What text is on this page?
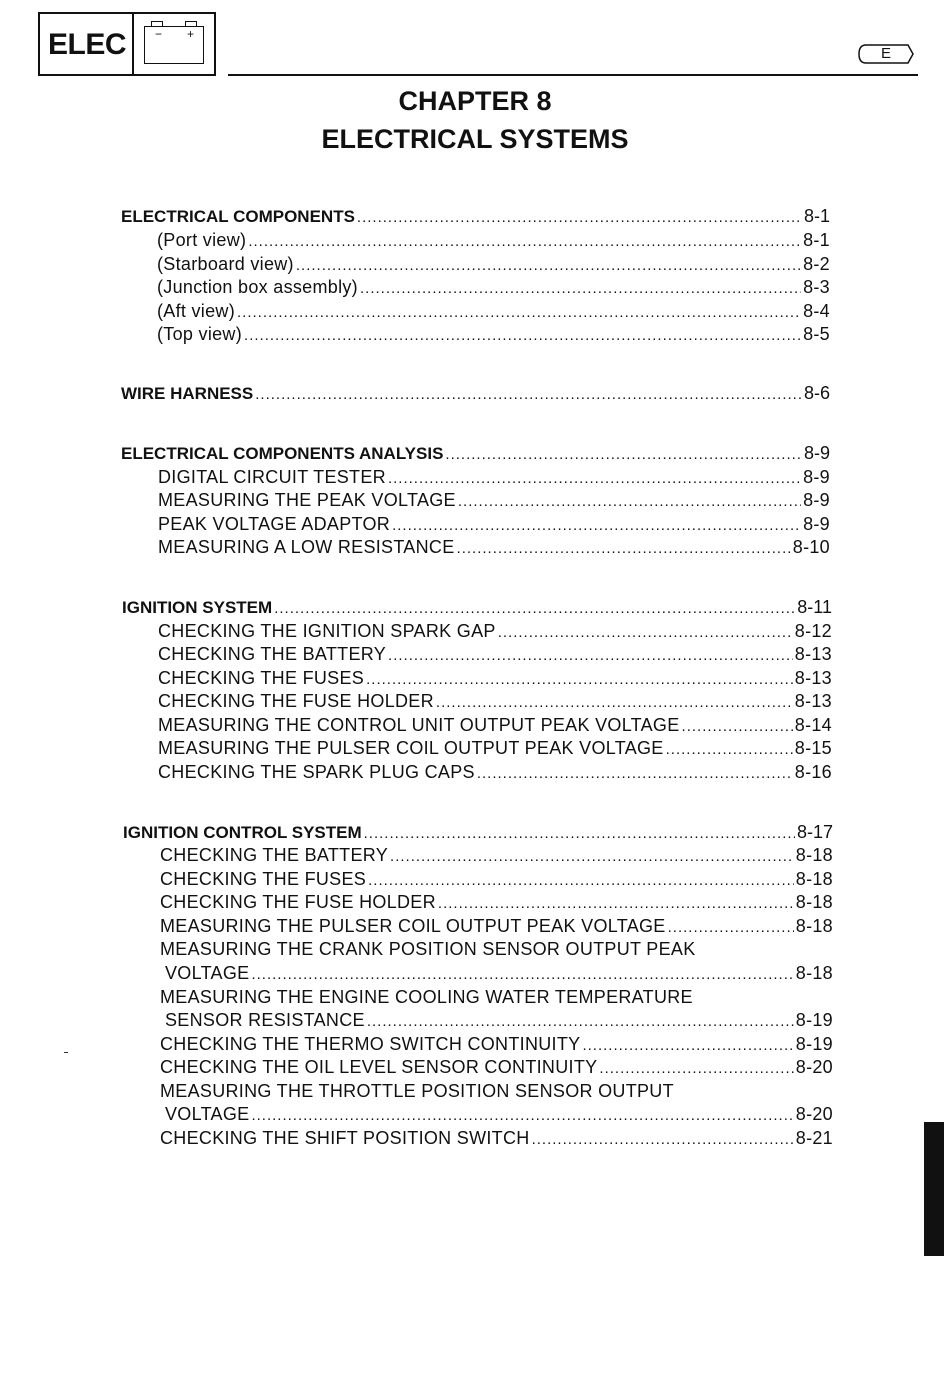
ELEC − +
E
CHAPTER 8
ELECTRICAL SYSTEMS
ELECTRICAL COMPONENTS .....	8-1
(Port view) .....	8-1
(Starboard view) .....	8-2
(Junction box assembly) .....	8-3
(Aft view) .....	8-4
(Top view) .....	8-5
WIRE HARNESS .....	8-6
ELECTRICAL COMPONENTS ANALYSIS .....	8-9
DIGITAL CIRCUIT TESTER .....	8-9
MEASURING THE PEAK VOLTAGE .....	8-9
PEAK VOLTAGE ADAPTOR .....	8-9
MEASURING A LOW RESISTANCE .....	8-10
IGNITION SYSTEM .....	8-11
CHECKING THE IGNITION SPARK GAP .....	8-12
CHECKING THE BATTERY .....	8-13
CHECKING THE FUSES .....	8-13
CHECKING THE FUSE HOLDER .....	8-13
MEASURING THE CONTROL UNIT OUTPUT PEAK VOLTAGE .....	8-14
MEASURING THE PULSER COIL OUTPUT PEAK VOLTAGE .....	8-15
CHECKING THE SPARK PLUG CAPS .....	8-16
IGNITION CONTROL SYSTEM .....	8-17
CHECKING THE BATTERY .....	8-18
CHECKING THE FUSES .....	8-18
CHECKING THE FUSE HOLDER .....	8-18
MEASURING THE PULSER COIL OUTPUT PEAK VOLTAGE .....	8-18
MEASURING THE CRANK POSITION SENSOR OUTPUT PEAK
VOLTAGE .....	8-18
MEASURING THE ENGINE COOLING WATER TEMPERATURE
SENSOR RESISTANCE .....	8-19
CHECKING THE THERMO SWITCH CONTINUITY .....	8-19
CHECKING THE OIL LEVEL SENSOR CONTINUITY .....	8-20
MEASURING THE THROTTLE POSITION SENSOR OUTPUT
VOLTAGE .....	8-20
CHECKING THE SHIFT POSITION SWITCH .....	8-21
